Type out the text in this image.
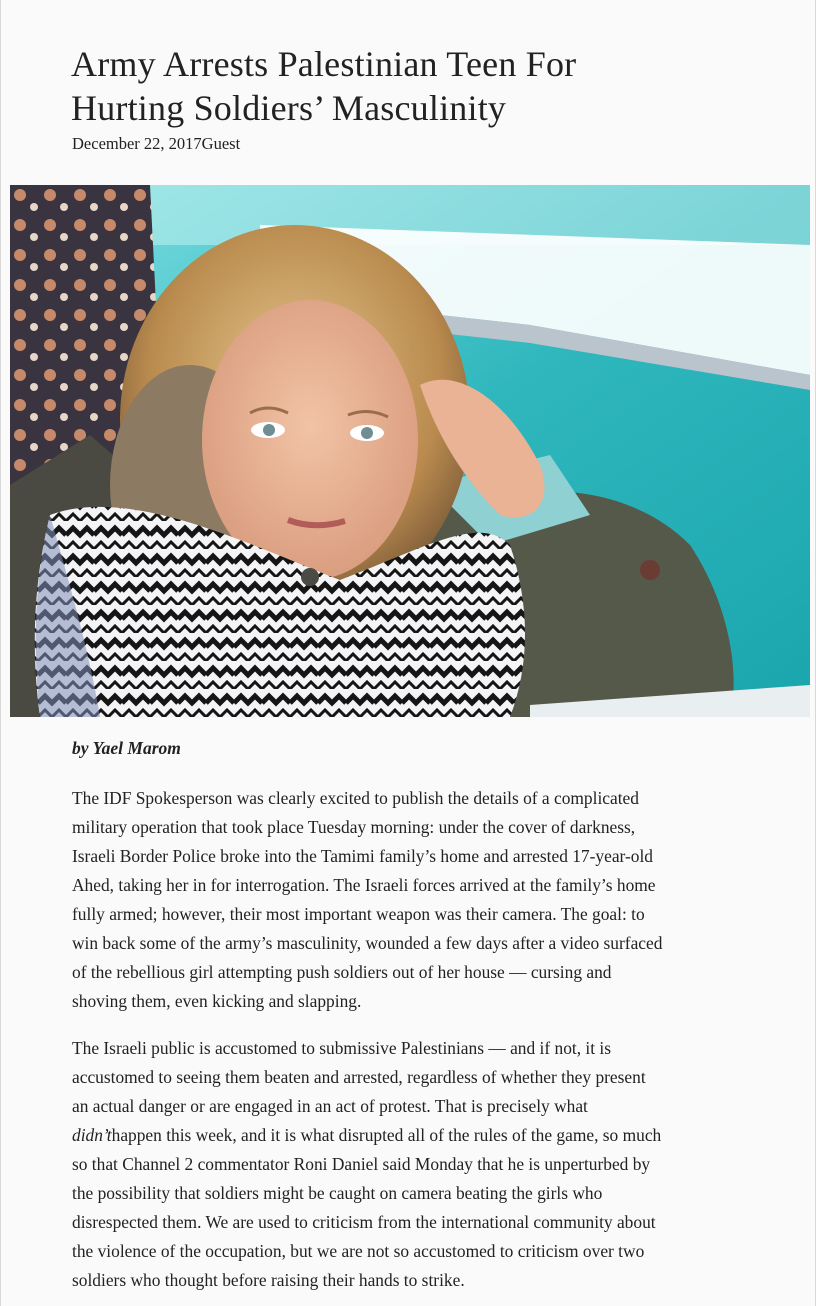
Army Arrests Palestinian Teen For
Hurting Soldiers’ Masculinity
December 22, 2017Guest
by Yael Marom
The IDF Spokesperson was clearly excited to publish the details of a complicated
military operation that took place Tuesday morning: under the cover of darkness,
Israeli Border Police broke into the Tamimi family’s home and arrested 17-year-old
Ahed, taking her in for interrogation. The Israeli forces arrived at the family’s home
fully armed; however, their most important weapon was their camera. The goal: to
win back some of the army’s masculinity, wounded a few days after a video surfaced
of the rebellious girl attempting push soldiers out of her house — cursing and
shoving them, even kicking and slapping.
The Israeli public is accustomed to submissive Palestinians — and if not, it is
accustomed to seeing them beaten and arrested, regardless of whether they present
an actual danger or are engaged in an act of protest. That is precisely what
didn’thappen this week, and it is what disrupted all of the rules of the game, so much
so that Channel 2 commentator Roni Daniel said Monday that he is unperturbed by
the possibility that soldiers might be caught on camera beating the girls who
disrespected them. We are used to criticism from the international community about
the violence of the occupation, but we are not so accustomed to criticism over two
soldiers who thought before raising their hands to strike.
